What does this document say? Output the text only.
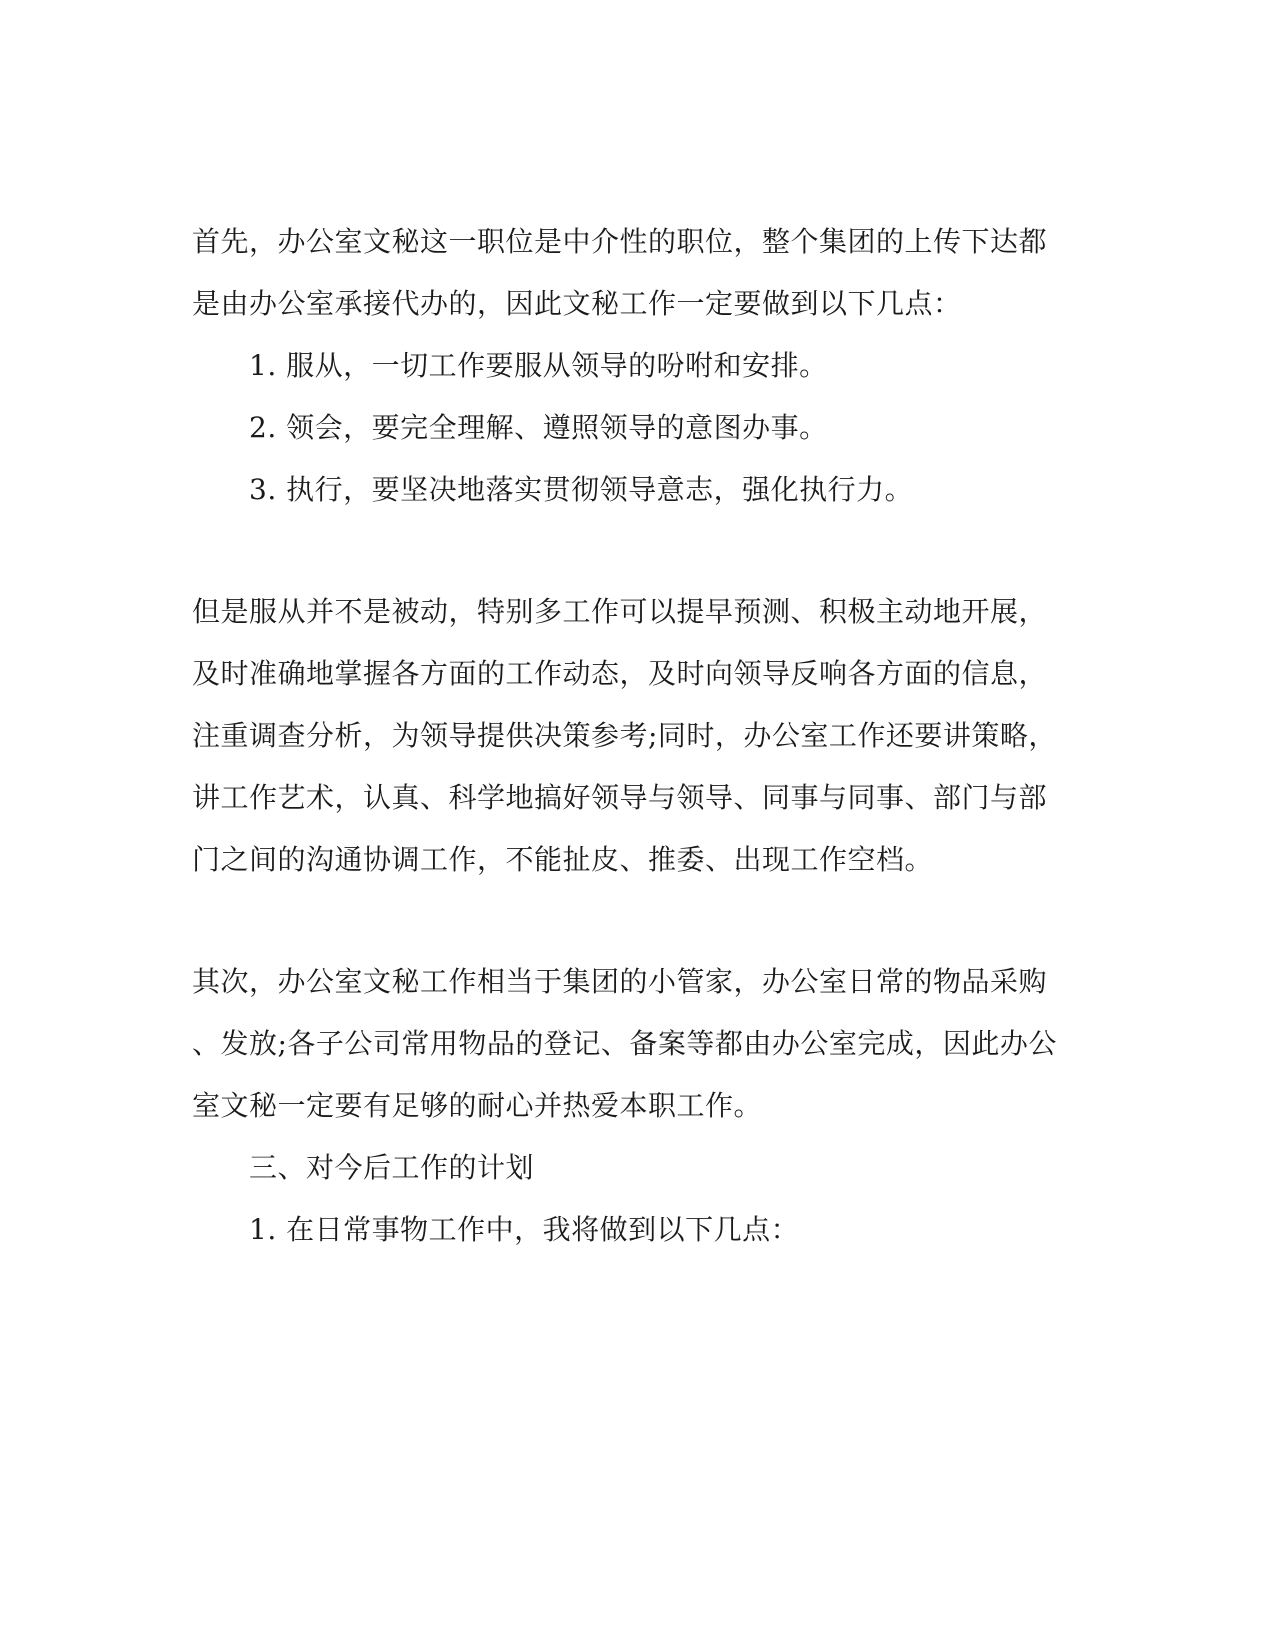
首先，办公室文秘这一职位是中介性的职位，整个集团的上传下达都
是由办公室承接代办的，因此文秘工作一定要做到以下几点：
1. 服从，一切工作要服从领导的吩咐和安排。
2. 领会，要完全理解、遵照领导的意图办事。
3. 执行，要坚决地落实贯彻领导意志，强化执行力。
但是服从并不是被动，特别多工作可以提早预测、积极主动地开展，
及时准确地掌握各方面的工作动态，及时向领导反响各方面的信息，
注重调查分析，为领导提供决策参考;同时，办公室工作还要讲策略，
讲工作艺术，认真、科学地搞好领导与领导、同事与同事、部门与部
门之间的沟通协调工作，不能扯皮、推委、出现工作空档。
其次，办公室文秘工作相当于集团的小管家，办公室日常的物品采购
、发放;各子公司常用物品的登记、备案等都由办公室完成，因此办公
室文秘一定要有足够的耐心并热爱本职工作。
三、对今后工作的计划
1. 在日常事物工作中，我将做到以下几点：
